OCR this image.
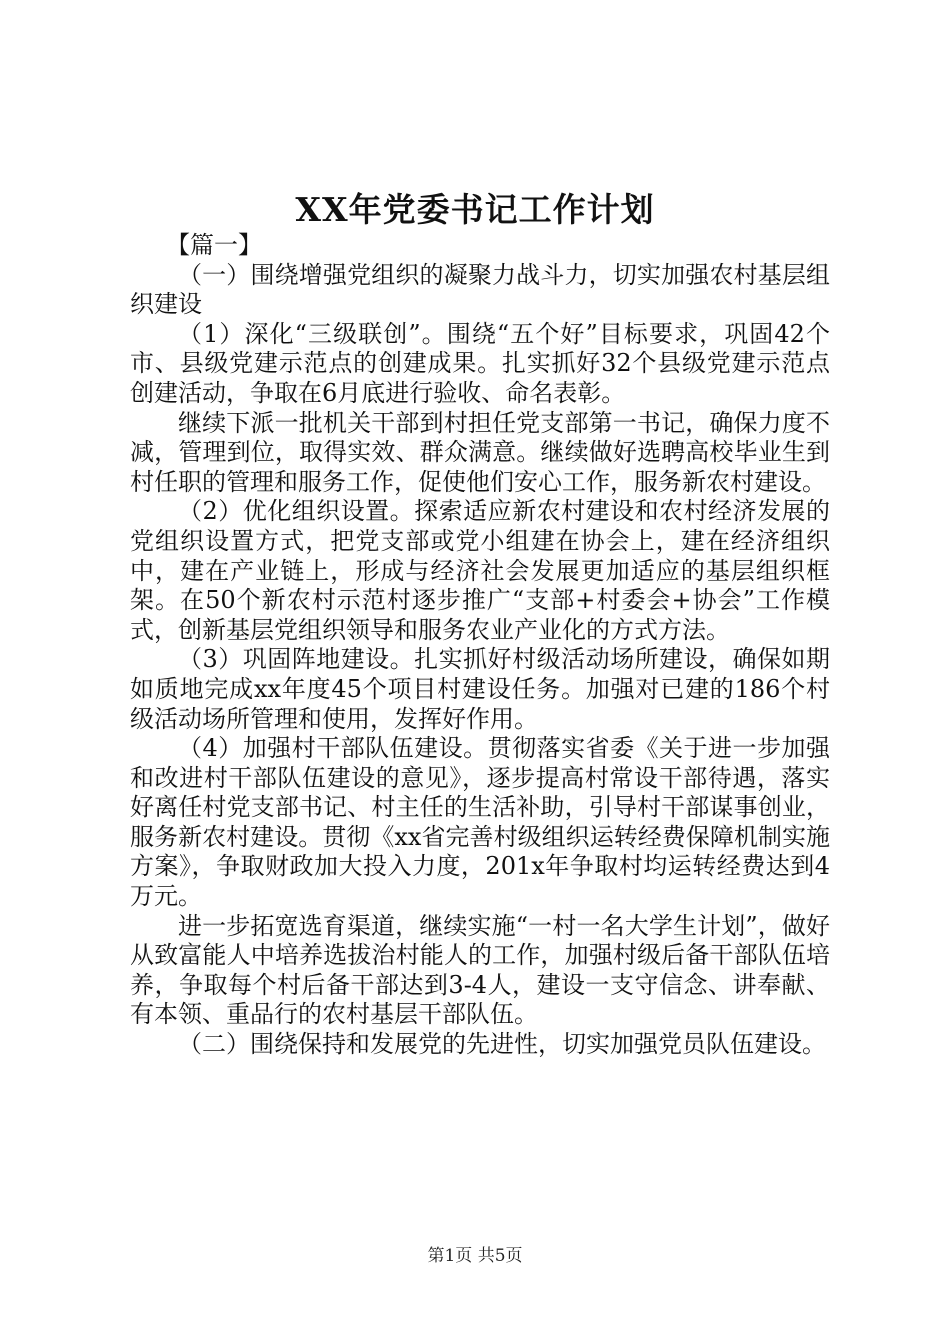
XX年党委书记工作计划

【篇一】

（一）围绕增强党组织的凝聚力战斗力，切实加强农村基层组织建设

（1）深化“三级联创”。围绕“五个好”目标要求，巩固42个市、县级党建示范点的创建成果。扎实抓好32个县级党建示范点创建活动，争取在6月底进行验收、命名表彰。

继续下派一批机关干部到村担任党支部第一书记，确保力度不减，管理到位，取得实效、群众满意。继续做好选聘高校毕业生到村任职的管理和服务工作，促使他们安心工作，服务新农村建设。

（2）优化组织设置。探索适应新农村建设和农村经济发展的党组织设置方式，把党支部或党小组建在协会上，建在经济组织中，建在产业链上，形成与经济社会发展更加适应的基层组织框架。在50个新农村示范村逐步推广“支部+村委会+协会”工作模式，创新基层党组织领导和服务农业产业化的方式方法。

（3）巩固阵地建设。扎实抓好村级活动场所建设，确保如期如质地完成xx年度45个项目村建设任务。加强对已建的186个村级活动场所管理和使用，发挥好作用。

（4）加强村干部队伍建设。贯彻落实省委《关于进一步加强和改进村干部队伍建设的意见》，逐步提高村常设干部待遇，落实好离任村党支部书记、村主任的生活补助，引导村干部谋事创业，服务新农村建设。贯彻《xx省完善村级组织运转经费保障机制实施方案》，争取财政加大投入力度，201x年争取村均运转经费达到4万元。

进一步拓宽选育渠道，继续实施“一村一名大学生计划”，做好从致富能人中培养选拔治村能人的工作，加强村级后备干部队伍培养，争取每个村后备干部达到3-4人，建设一支守信念、讲奉献、有本领、重品行的农村基层干部队伍。

（二）围绕保持和发展党的先进性，切实加强党员队伍建设。

第1页 共5页
